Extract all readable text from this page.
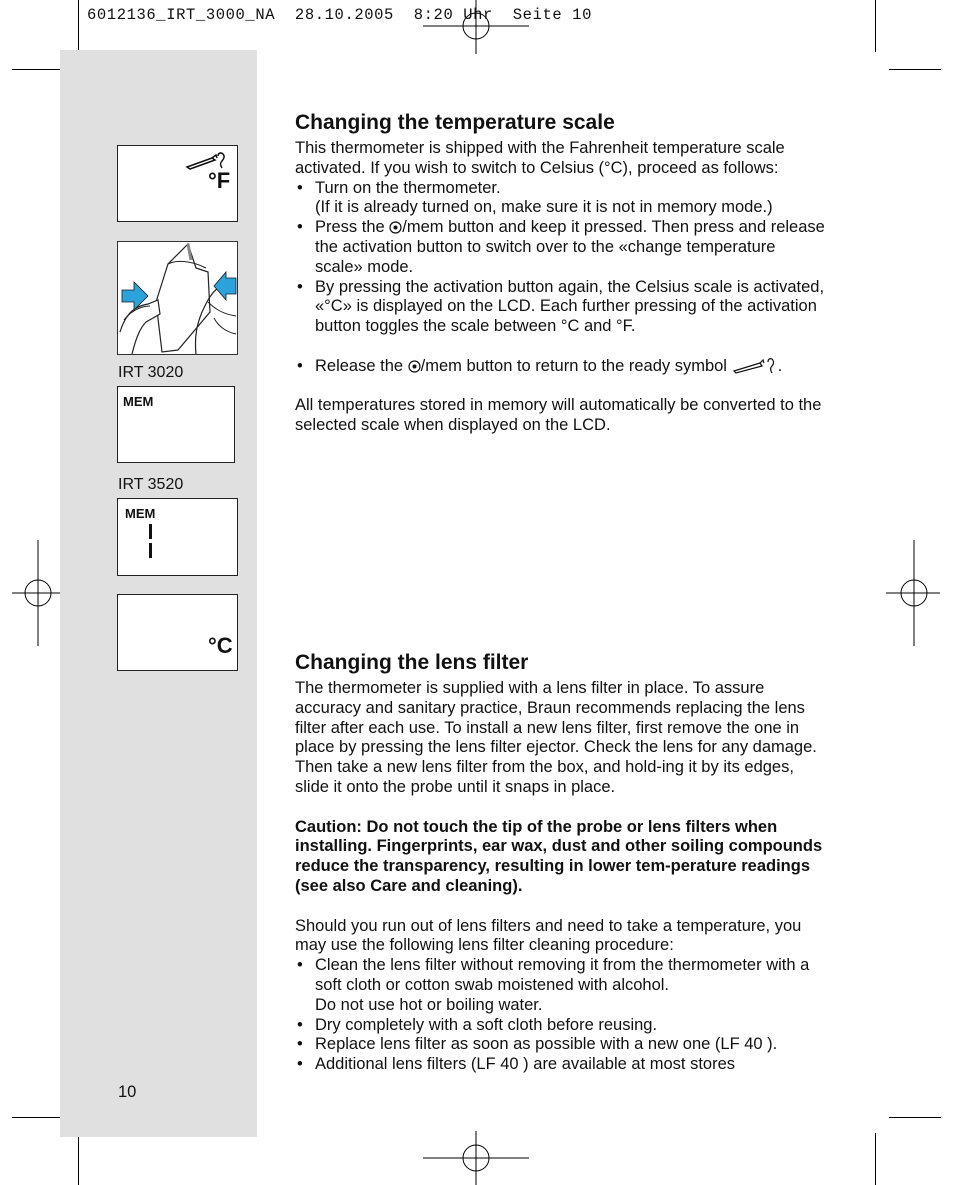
6012136_IRT_3000_NA  28.10.2005  8:20 Uhr  Seite 10
°F
IRT 3020
MEM
IRT 3520
MEM
°C
Changing the temperature scale

This thermometer is shipped with the Fahrenheit temperature scale activated. If you wish to switch to Celsius (°C), proceed as follows:

• Turn on the thermometer.
(If it is already turned on, make sure it is not in memory mode.)
• Press the /mem button and keep it pressed. Then press and release the activation button to switch over to the «change temperature scale» mode.
• By pressing the activation button again, the Celsius scale is activated, «°C» is displayed on the LCD. Each further pressing of the activation button toggles the scale between °C and °F.
• Release the /mem button to return to the ready symbol	.

All temperatures stored in memory will automatically be converted to the selected scale when displayed on the LCD.

Changing the lens filter

The thermometer is supplied with a lens filter in place. To assure accuracy and sanitary practice, Braun recommends replacing the lens filter after each use. To install a new lens filter, first remove the one in place by pressing the lens filter ejector. Check the lens for any damage. Then take a new lens filter from the box, and hold-ing it by its edges, slide it onto the probe until it snaps in place.

Caution: Do not touch the tip of the probe or lens filters when installing. Fingerprints, ear wax, dust and other soiling compounds reduce the transparency, resulting in lower tem-perature readings (see also Care and cleaning).

Should you run out of lens filters and need to take a temperature, you may use the following lens filter cleaning procedure:

• Clean the lens filter without removing it from the thermometer with a soft cloth or cotton swab moistened with alcohol.
Do not use hot or boiling water.
• Dry completely with a soft cloth before reusing.
• Replace lens filter as soon as possible with a new one (LF 40 ).
• Additional lens filters (LF 40 ) are available at most stores
10
